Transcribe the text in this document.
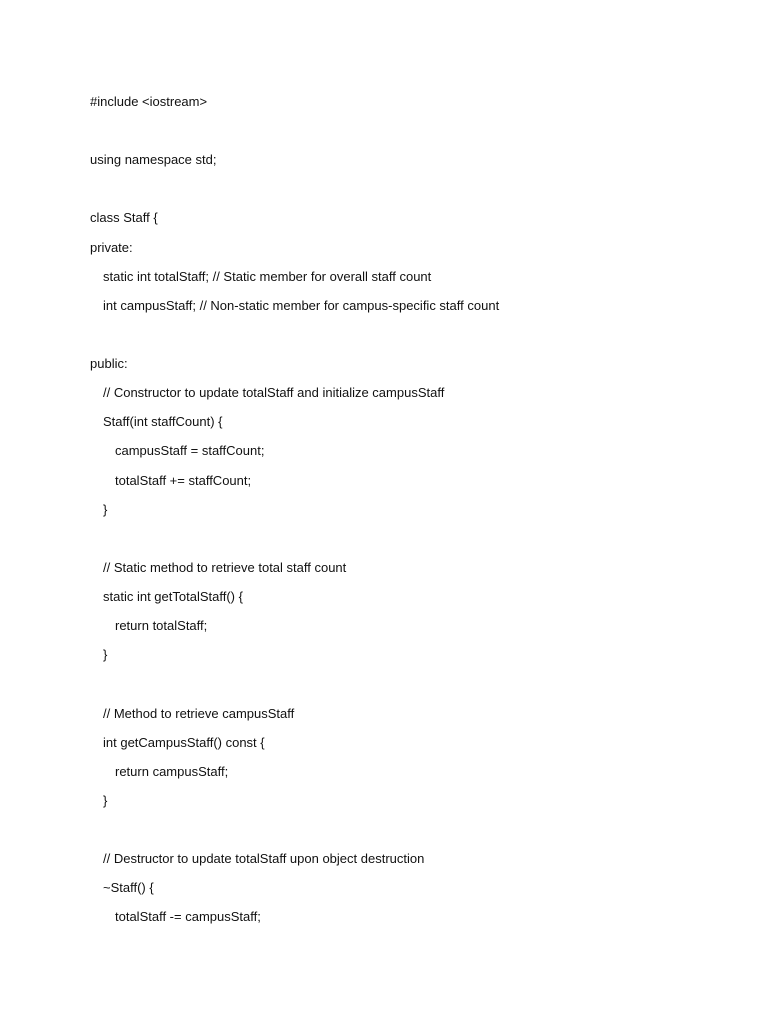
#include <iostream>
using namespace std;
class Staff {
private:
static int totalStaff; // Static member for overall staff count
int campusStaff; // Non-static member for campus-specific staff count
public:
// Constructor to update totalStaff and initialize campusStaff
Staff(int staffCount) {
campusStaff = staffCount;
totalStaff += staffCount;
}
// Static method to retrieve total staff count
static int getTotalStaff() {
return totalStaff;
}
// Method to retrieve campusStaff
int getCampusStaff() const {
return campusStaff;
}
// Destructor to update totalStaff upon object destruction
~Staff() {
totalStaff -= campusStaff;
